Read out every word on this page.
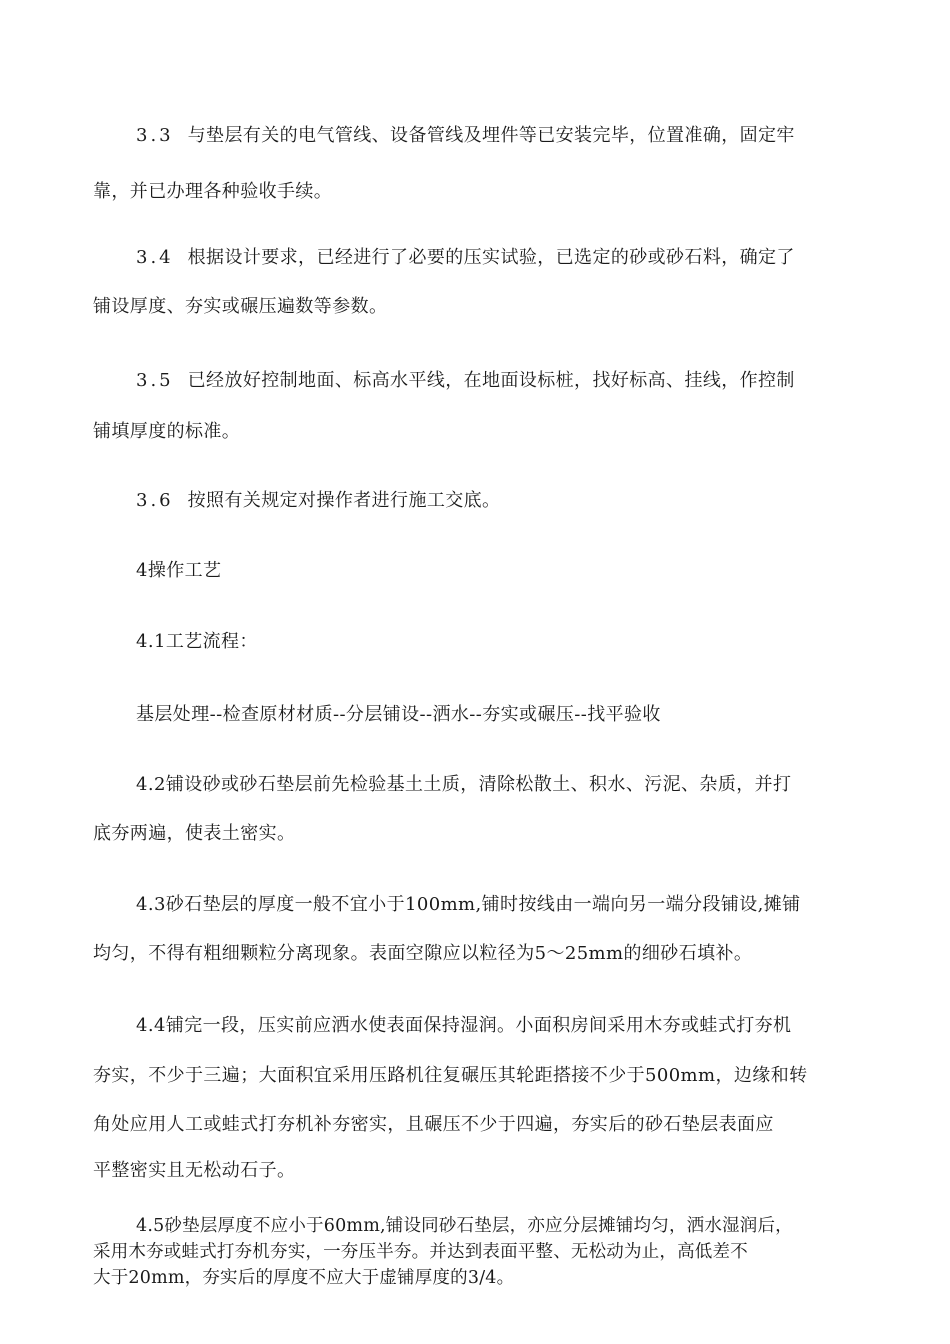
3.3 与垫层有关的电气管线、设备管线及埋件等已安装完毕，位置准确，固定牢
靠，并已办理各种验收手续。
3.4 根据设计要求，已经进行了必要的压实试验，已选定的砂或砂石料，确定了
铺设厚度、夯实或碾压遍数等参数。
3.5 已经放好控制地面、标高水平线，在地面设标桩，找好标高、挂线，作控制
铺填厚度的标准。
3.6 按照有关规定对操作者进行施工交底。
4操作工艺
4.1工艺流程：
基层处理--检查原材材质--分层铺设--洒水--夯实或碾压--找平验收
4.2铺设砂或砂石垫层前先检验基土土质，清除松散土、积水、污泥、杂质，并打
底夯两遍，使表土密实。
4.3砂石垫层的厚度一般不宜小于100mm,铺时按线由一端向另一端分段铺设,摊铺
均匀，不得有粗细颗粒分离现象。表面空隙应以粒径为5～25mm的细砂石填补。
4.4铺完一段，压实前应洒水使表面保持湿润。小面积房间采用木夯或蛙式打夯机
夯实，不少于三遍；大面积宜采用压路机往复碾压其轮距搭接不少于500mm，边缘和转
角处应用人工或蛙式打夯机补夯密实，且碾压不少于四遍，夯实后的砂石垫层表面应
平整密实且无松动石子。
4.5砂垫层厚度不应小于60mm,铺设同砂石垫层，亦应分层摊铺均匀，洒水湿润后，
采用木夯或蛙式打夯机夯实，一夯压半夯。并达到表面平整、无松动为止，高低差不
大于20mm，夯实后的厚度不应大于虚铺厚度的3/4。
